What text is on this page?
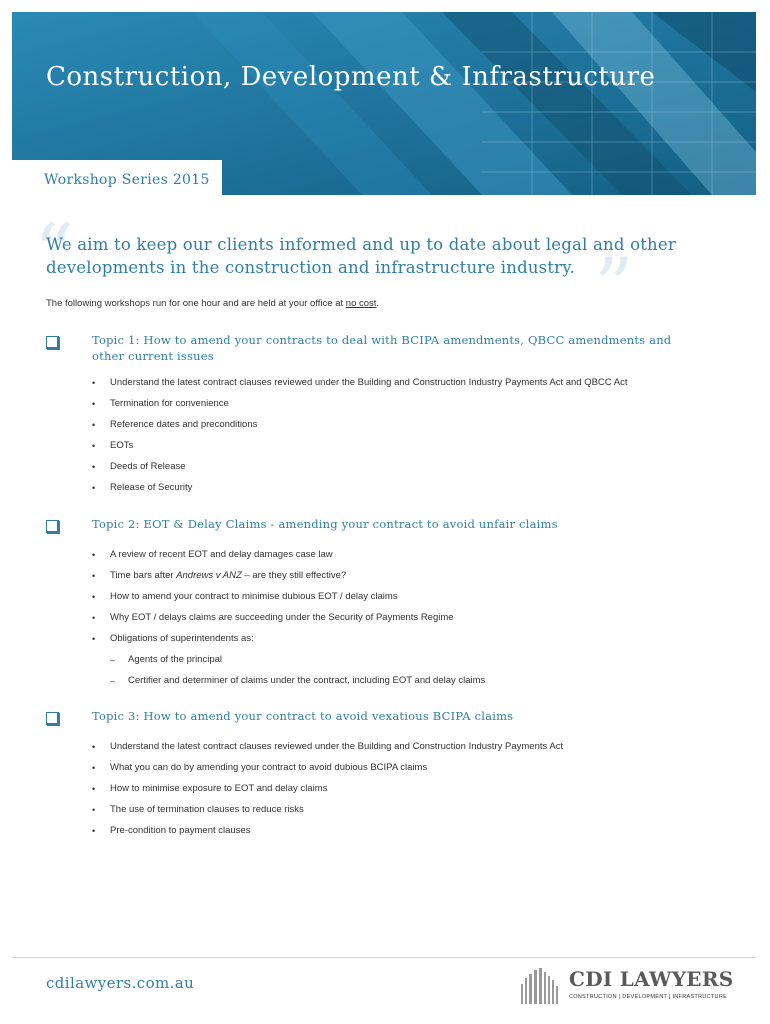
Construction, Development & Infrastructure
Workshop Series 2015
“	”
We aim to keep our clients informed and up to date about legal and other developments in the construction and infrastructure industry.
The following workshops run for one hour and are held at your office at no cost.
Topic 1: How to amend your contracts to deal with BCIPA amendments, QBCC amendments and other current issues
• Understand the latest contract clauses reviewed under the Building and Construction Industry Payments Act and QBCC Act
• Termination for convenience
• Reference dates and preconditions
• EOTs
• Deeds of Release
• Release of Security
Topic 2: EOT & Delay Claims - amending your contract to avoid unfair claims
• A review of recent EOT and delay damages case law
• Time bars after Andrews v ANZ – are they still effective?
• How to amend your contract to minimise dubious EOT / delay claims
• Why EOT / delays claims are succeeding under the Security of Payments Regime
• Obligations of superintendents as:
– Agents of the principal
– Certifier and determiner of claims under the contract, including EOT and delay claims
Topic 3: How to amend your contract to avoid vexatious BCIPA claims
• Understand the latest contract clauses reviewed under the Building and Construction Industry Payments Act
• What you can do by amending your contract to avoid dubious BCIPA claims
• How to minimise exposure to EOT and delay claims
• The use of termination clauses to reduce risks
• Pre-condition to payment clauses
cdilawyers.com.au	CDI LAWYERS
CONSTRUCTION | DEVELOPMENT | INFRASTRUCTURE
